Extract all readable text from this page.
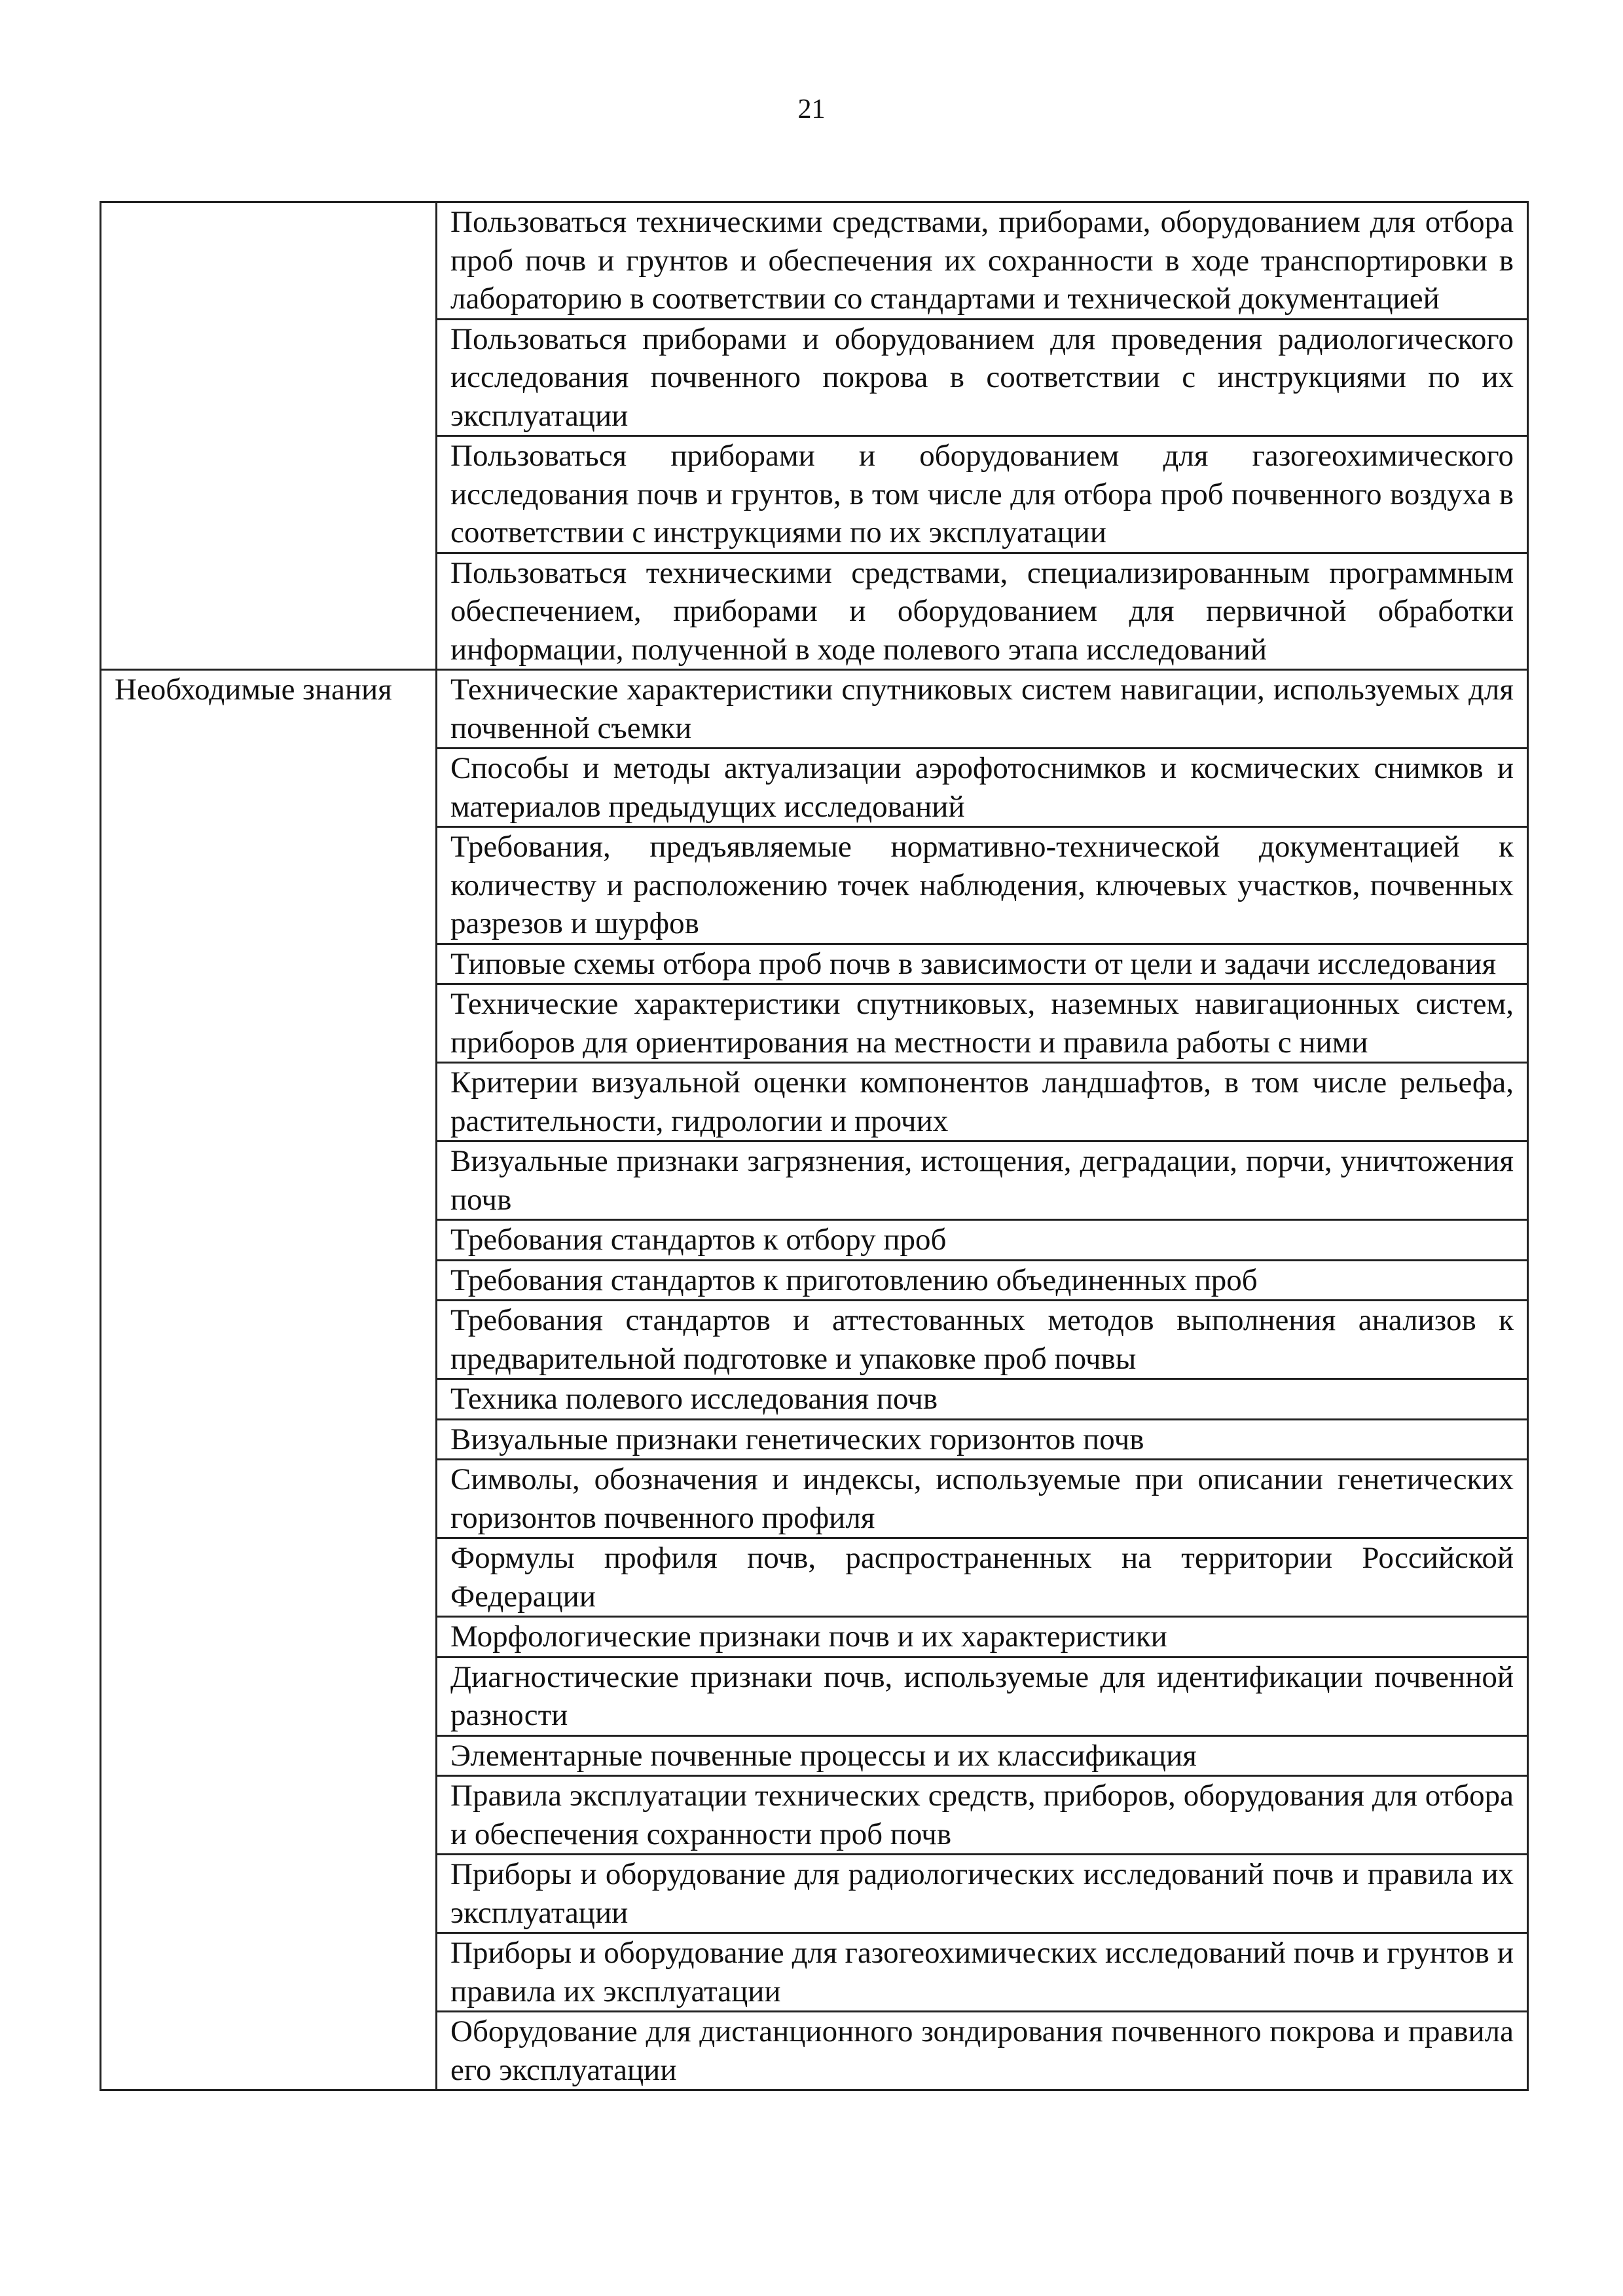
21
	Пользоваться техническими средствами, приборами, оборудованием для отбора проб почв и грунтов и обеспечения их сохранности в ходе транспортировки в лабораторию в соответствии со стандартами и технической документацией
	Пользоваться приборами и оборудованием для проведения радиологического исследования почвенного покрова в соответствии с инструкциями по их эксплуатации
	Пользоваться приборами и оборудованием для газогеохимического исследования почв и грунтов, в том числе для отбора проб почвенного воздуха в соответствии с инструкциями по их эксплуатации
	Пользоваться техническими средствами, специализированным программным обеспечением, приборами и оборудованием для первичной обработки информации, полученной в ходе полевого этапа исследований
Необходимые знания	Технические характеристики спутниковых систем навигации, используемых для почвенной съемки
	Способы и методы актуализации аэрофотоснимков и космических снимков и материалов предыдущих исследований
	Требования, предъявляемые нормативно-технической документацией к количеству и расположению точек наблюдения, ключевых участков, почвенных разрезов и шурфов
	Типовые схемы отбора проб почв в зависимости от цели и задачи исследования
	Технические характеристики спутниковых, наземных навигационных систем, приборов для ориентирования на местности и правила работы с ними
	Критерии визуальной оценки компонентов ландшафтов, в том числе рельефа, растительности, гидрологии и прочих
	Визуальные признаки загрязнения, истощения, деградации, порчи, уничтожения почв
	Требования стандартов к отбору проб
	Требования стандартов к приготовлению объединенных проб
	Требования стандартов и аттестованных методов выполнения анализов к предварительной подготовке и упаковке проб почвы
	Техника полевого исследования почв
	Визуальные признаки генетических горизонтов почв
	Символы, обозначения и индексы, используемые при описании генетических горизонтов почвенного профиля
	Формулы профиля почв, распространенных на территории Российской Федерации
	Морфологические признаки почв и их характеристики
	Диагностические признаки почв, используемые для идентификации почвенной разности
	Элементарные почвенные процессы и их классификация
	Правила эксплуатации технических средств, приборов, оборудования для отбора и обеспечения сохранности проб почв
	Приборы и оборудование для радиологических исследований почв и правила их эксплуатации
	Приборы и оборудование для газогеохимических исследований почв и грунтов и правила их эксплуатации
	Оборудование для дистанционного зондирования почвенного покрова и правила его эксплуатации
